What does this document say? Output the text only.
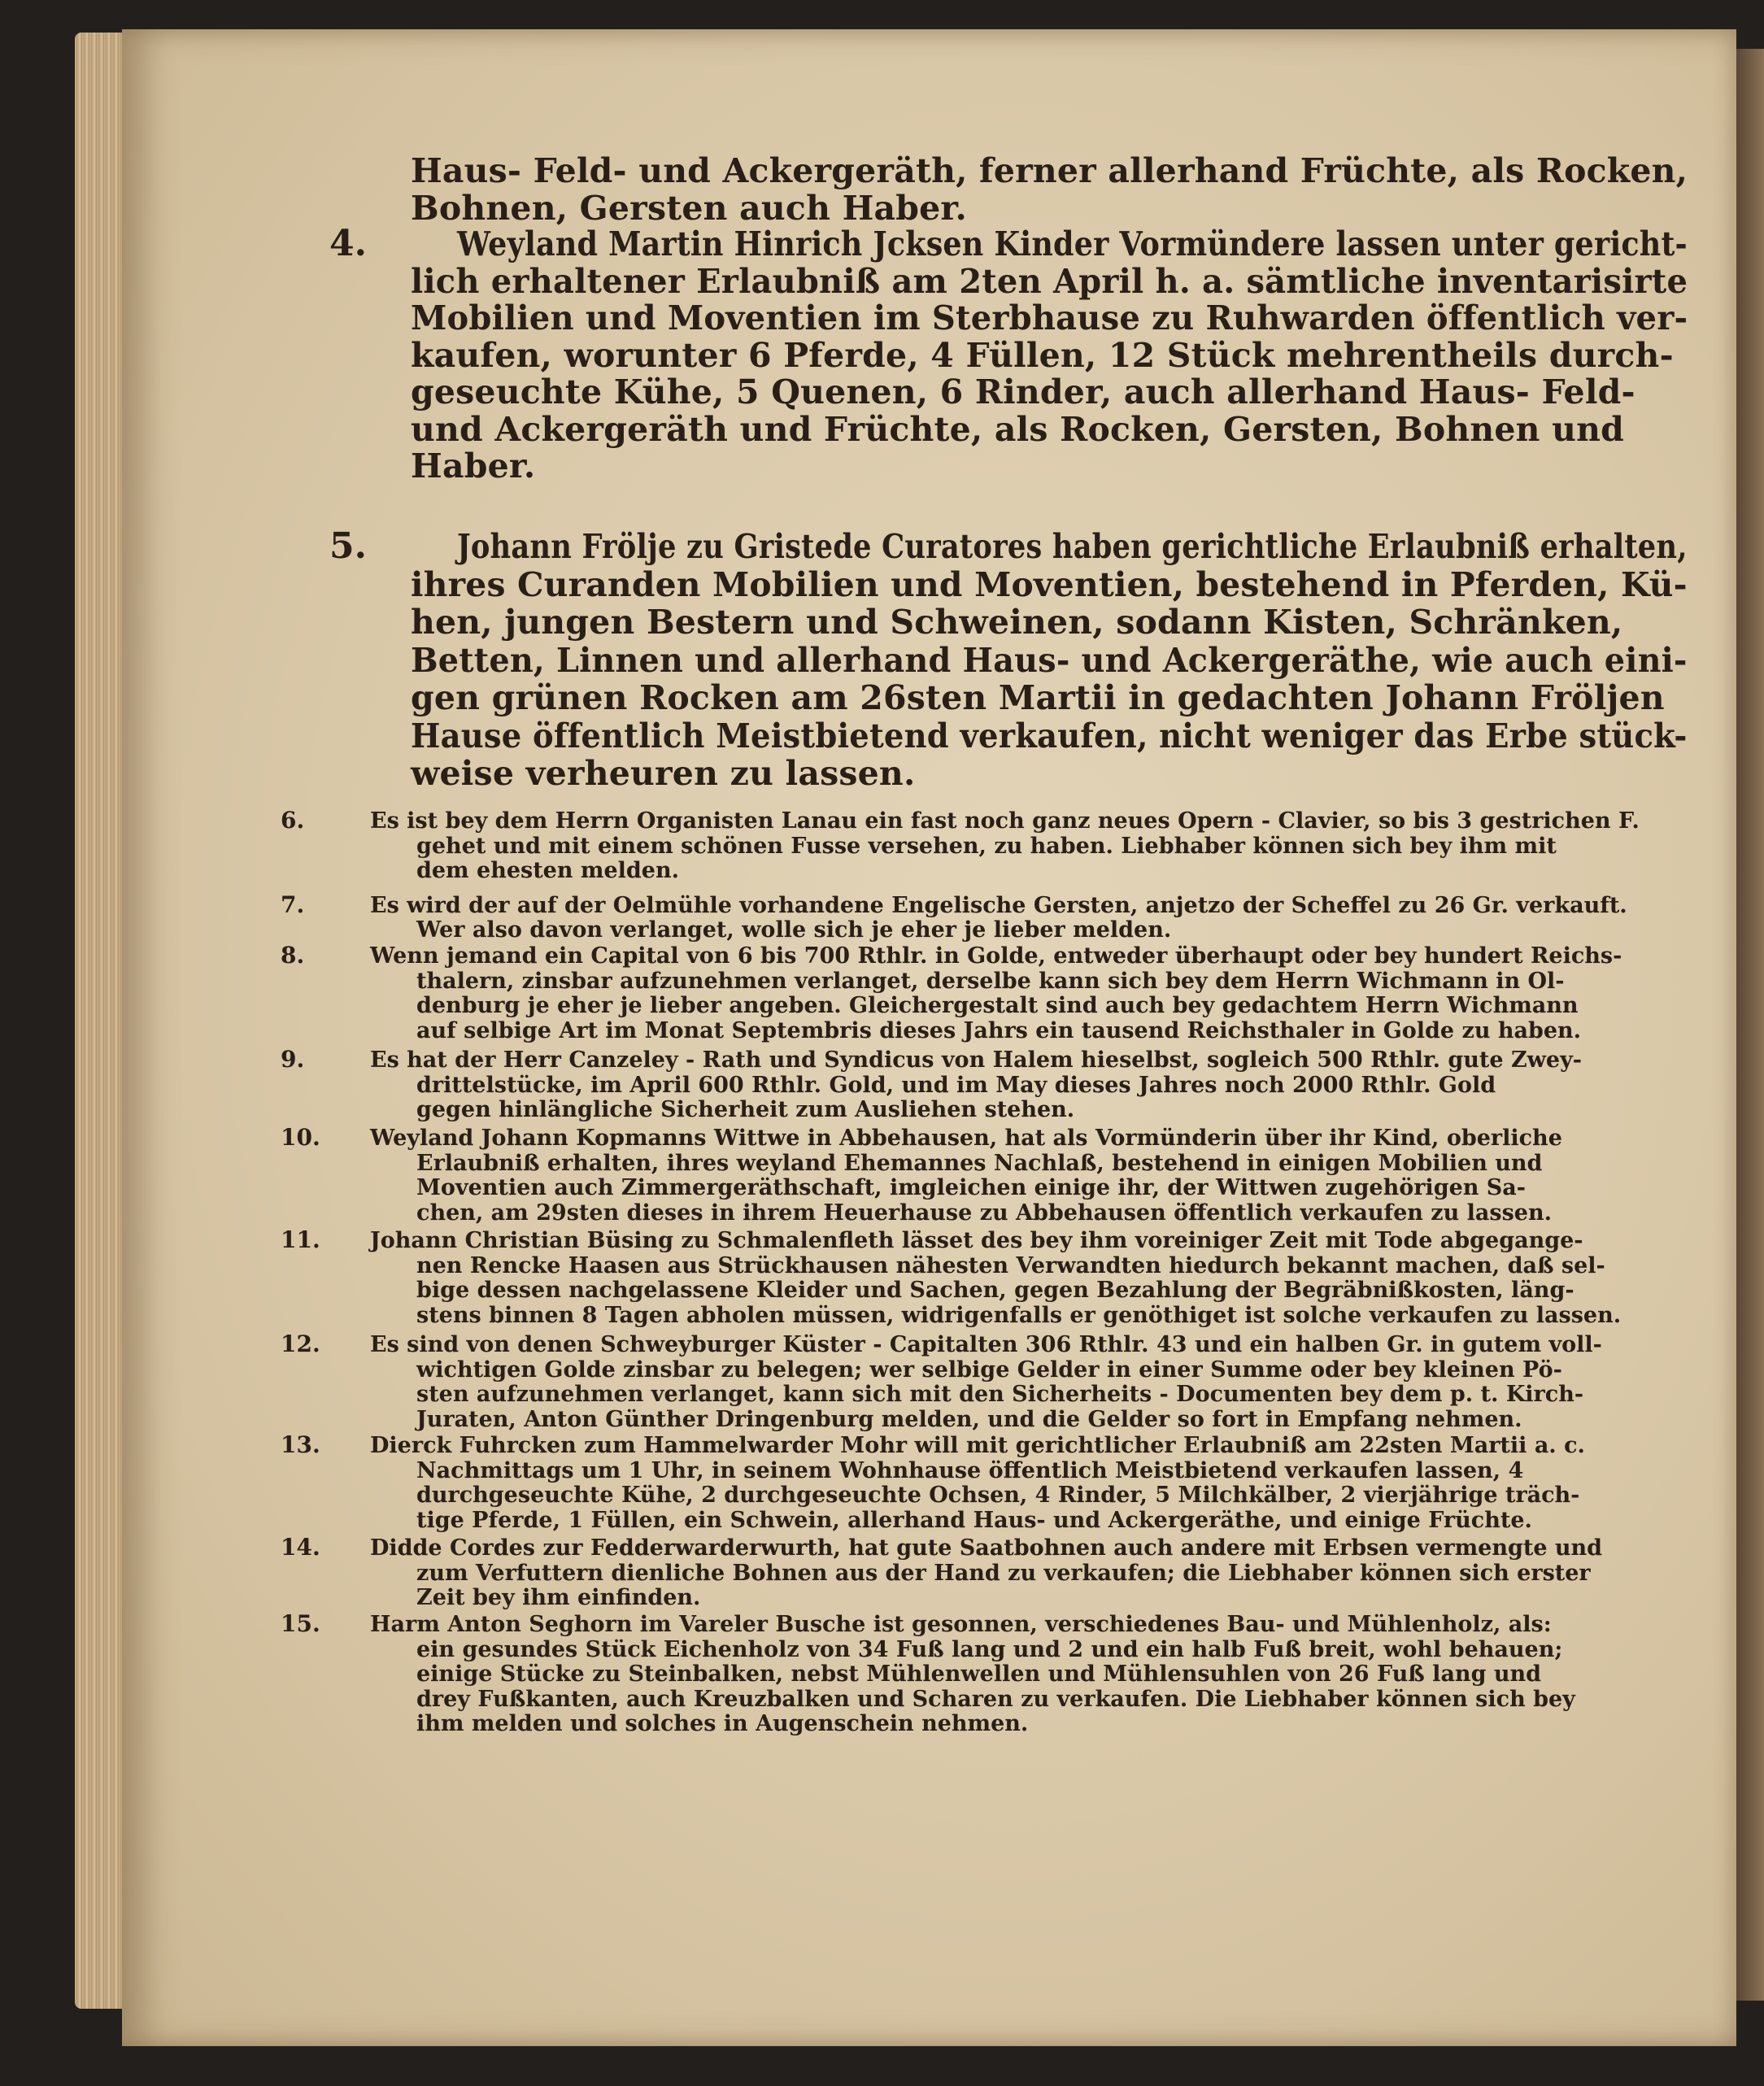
Haus- Feld- und Ackergeräth, ferner allerhand Früchte, als Rocken,
Bohnen, Gersten auch Haber.
4.	Weyland Martin Hinrich Jcksen Kinder Vormündere lassen unter gericht-
lich erhaltener Erlaubniß am 2ten April h. a. sämtliche inventarisirte
Mobilien und Moventien im Sterbhause zu Ruhwarden öffentlich ver-
kaufen, worunter 6 Pferde, 4 Füllen, 12 Stück mehrentheils durch-
geseuchte Kühe, 5 Quenen, 6 Rinder, auch allerhand Haus- Feld-
und Ackergeräth und Früchte, als Rocken, Gersten, Bohnen und
Haber.
5.	Johann Frölje zu Gristede Curatores haben gerichtliche Erlaubniß erhalten,
ihres Curanden Mobilien und Moventien, bestehend in Pferden, Kü-
hen, jungen Bestern und Schweinen, sodann Kisten, Schränken,
Betten, Linnen und allerhand Haus- und Ackergeräthe, wie auch eini-
gen grünen Rocken am 26sten Martii in gedachten Johann Fröljen
Hause öffentlich Meistbietend verkaufen, nicht weniger das Erbe stück-
weise verheuren zu lassen.
6.	Es ist bey dem Herrn Organisten Lanau ein fast noch ganz neues Opern - Clavier, so bis 3 gestrichen F.
gehet und mit einem schönen Fusse versehen, zu haben. Liebhaber können sich bey ihm mit
dem ehesten melden.
7.	Es wird der auf der Oelmühle vorhandene Engelische Gersten, anjetzo der Scheffel zu 26 Gr. verkauft.
Wer also davon verlanget, wolle sich je eher je lieber melden.
8.	Wenn jemand ein Capital von 6 bis 700 Rthlr. in Golde, entweder überhaupt oder bey hundert Reichs-
thalern, zinsbar aufzunehmen verlanget, derselbe kann sich bey dem Herrn Wichmann in Ol-
denburg je eher je lieber angeben. Gleichergestalt sind auch bey gedachtem Herrn Wichmann
auf selbige Art im Monat Septembris dieses Jahrs ein tausend Reichsthaler in Golde zu haben.
9.	Es hat der Herr Canzeley - Rath und Syndicus von Halem hieselbst, sogleich 500 Rthlr. gute Zwey-
drittelstücke, im April 600 Rthlr. Gold, und im May dieses Jahres noch 2000 Rthlr. Gold
gegen hinlängliche Sicherheit zum Ausliehen stehen.
10. Weyland Johann Kopmanns Wittwe in Abbehausen, hat als Vormünderin über ihr Kind, oberliche
Erlaubniß erhalten, ihres weyland Ehemannes Nachlaß, bestehend in einigen Mobilien und
Moventien auch Zimmergeräthschaft, imgleichen einige ihr, der Wittwen zugehörigen Sa-
chen, am 29sten dieses in ihrem Heuerhause zu Abbehausen öffentlich verkaufen zu lassen.
11. Johann Christian Büsing zu Schmalenfleth lässet des bey ihm voreiniger Zeit mit Tode abgegange-
nen Rencke Haasen aus Strückhausen nähesten Verwandten hiedurch bekannt machen, daß sel-
bige dessen nachgelassene Kleider und Sachen, gegen Bezahlung der Begräbnißkosten, läng-
stens binnen 8 Tagen abholen müssen, widrigenfalls er genöthiget ist solche verkaufen zu lassen.
12. Es sind von denen Schweyburger Küster - Capitalten 306 Rthlr. 43 und ein halben Gr. in gutem voll-
wichtigen Golde zinsbar zu belegen; wer selbige Gelder in einer Summe oder bey kleinen Pö-
sten aufzunehmen verlanget, kann sich mit den Sicherheits - Documenten bey dem p. t. Kirch-
Juraten, Anton Günther Dringenburg melden, und die Gelder so fort in Empfang nehmen.
13. Dierck Fuhrcken zum Hammelwarder Mohr will mit gerichtlicher Erlaubniß am 22sten Martii a. c.
Nachmittags um 1 Uhr, in seinem Wohnhause öffentlich Meistbietend verkaufen lassen, 4
durchgeseuchte Kühe, 2 durchgeseuchte Ochsen, 4 Rinder, 5 Milchkälber, 2 vierjährige träch-
tige Pferde, 1 Füllen, ein Schwein, allerhand Haus- und Ackergeräthe, und einige Früchte.
14. Didde Cordes zur Fedderwarderwurth, hat gute Saatbohnen auch andere mit Erbsen vermengte und
zum Verfuttern dienliche Bohnen aus der Hand zu verkaufen; die Liebhaber können sich erster
Zeit bey ihm einfinden.
15. Harm Anton Seghorn im Vareler Busche ist gesonnen, verschiedenes Bau- und Mühlenholz, als:
ein gesundes Stück Eichenholz von 34 Fuß lang und 2 und ein halb Fuß breit, wohl behauen;
einige Stücke zu Steinbalken, nebst Mühlenwellen und Mühlensuhlen von 26 Fuß lang und
drey Fußkanten, auch Kreuzbalken und Scharen zu verkaufen. Die Liebhaber können sich bey
ihm melden und solches in Augenschein nehmen.
